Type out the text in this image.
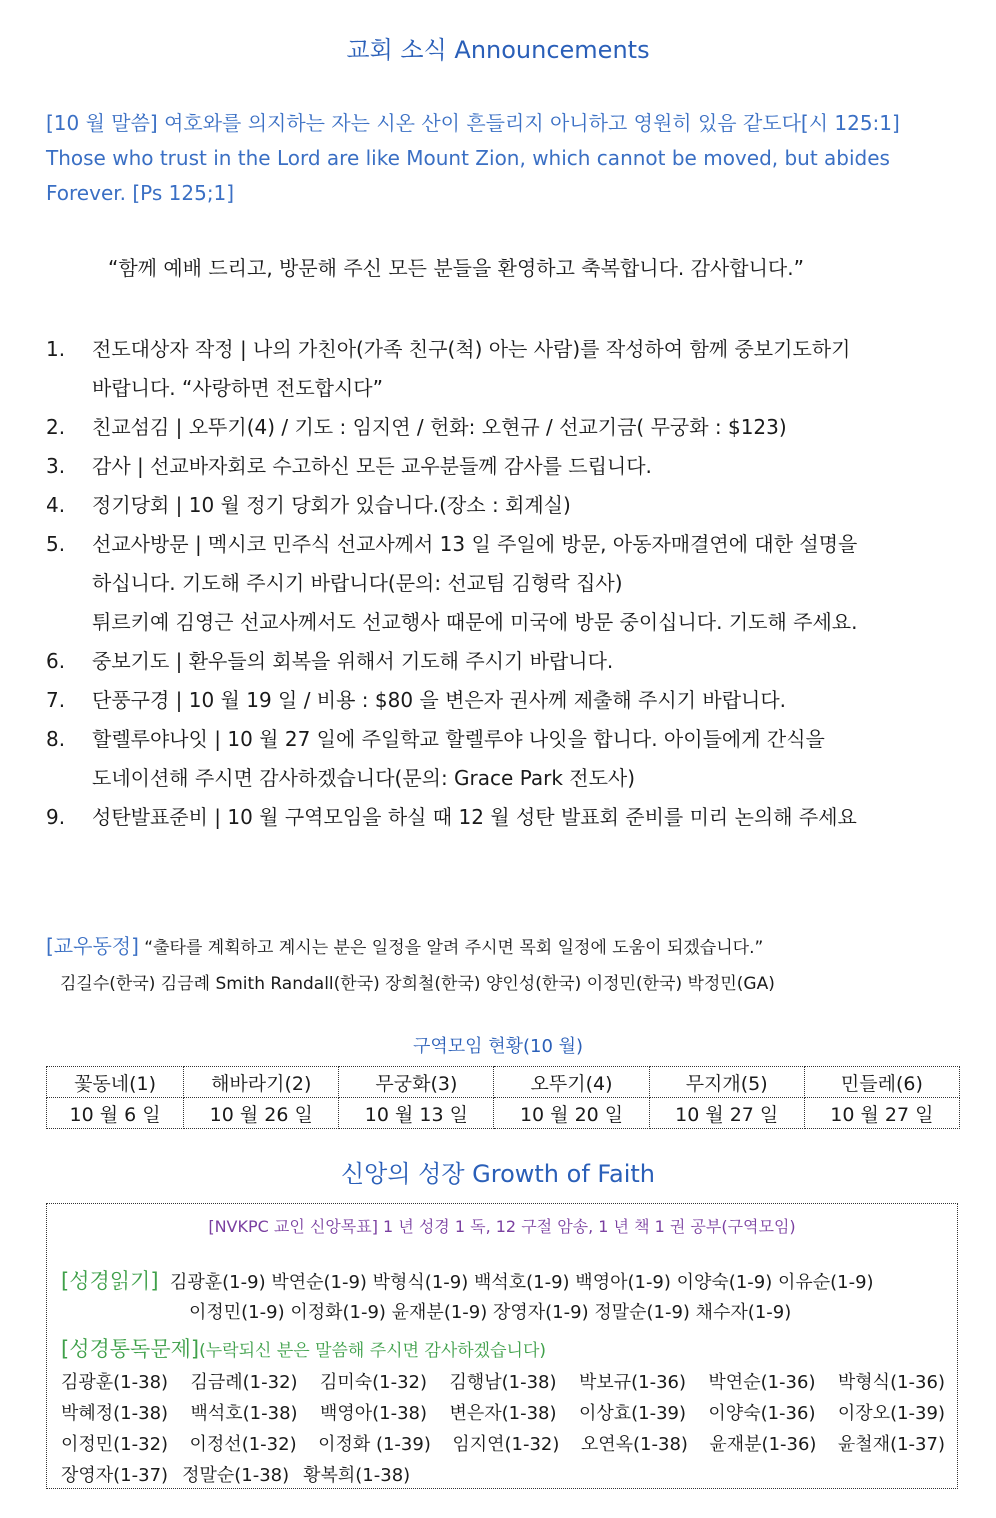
교회 소식 Announcements
[10 월 말씀] 여호와를 의지하는 자는 시온 산이 흔들리지 아니하고 영원히 있음 같도다[시 125:1]
Those who trust in the Lord are like Mount Zion, which cannot be moved, but abides
Forever. [Ps 125;1]
“함께 예배 드리고, 방문해 주신 모든 분들을 환영하고 축복합니다. 감사합니다.”
1. 전도대상자 작정 | 나의 가친아(가족 친구(척) 아는 사람)를 작성하여 함께 중보기도하기
바랍니다. “사랑하면 전도합시다”
2. 친교섬김 | 오뚜기(4) / 기도 : 임지연 / 헌화: 오현규 / 선교기금( 무궁화 : $123)
3. 감사 | 선교바자회로 수고하신 모든 교우분들께 감사를 드립니다.
4. 정기당회 | 10 월 정기 당회가 있습니다.(장소 : 회계실)
5. 선교사방문 | 멕시코 민주식 선교사께서 13 일 주일에 방문, 아동자매결연에 대한 설명을
하십니다. 기도해 주시기 바랍니다(문의: 선교팀 김형락 집사)
튀르키예 김영근 선교사께서도 선교행사 때문에 미국에 방문 중이십니다. 기도해 주세요.
6. 중보기도 | 환우들의 회복을 위해서 기도해 주시기 바랍니다.
7. 단풍구경 | 10 월 19 일 / 비용 : $80 을 변은자 권사께 제출해 주시기 바랍니다.
8. 할렐루야나잇 | 10 월 27 일에 주일학교 할렐루야 나잇을 합니다. 아이들에게 간식을
도네이션해 주시면 감사하겠습니다(문의: Grace Park 전도사)
9. 성탄발표준비 | 10 월 구역모임을 하실 때 12 월 성탄 발표회 준비를 미리 논의해 주세요
[교우동정] “출타를 계획하고 계시는 분은 일정을 알려 주시면 목회 일정에 도움이 되겠습니다.”
김길수(한국) 김금례 Smith Randall(한국) 장희철(한국) 양인성(한국) 이정민(한국) 박정민(GA)
구역모임 현황(10 월)
꽃동네(1)	해바라기(2)	무궁화(3)	오뚜기(4)	무지개(5)	민들레(6)
10 월 6 일	10 월 26 일	10 월 13 일	10 월 20 일	10 월 27 일	10 월 27 일
신앙의 성장 Growth of Faith
[NVKPC 교인 신앙목표] 1 년 성경 1 독, 12 구절 암송, 1 년 책 1 권 공부(구역모임)
[성경읽기] 김광훈(1-9) 박연순(1-9) 박형식(1-9) 백석호(1-9) 백영아(1-9) 이양숙(1-9) 이유순(1-9)
이정민(1-9) 이정화(1-9) 윤재분(1-9) 장영자(1-9) 정말순(1-9) 채수자(1-9)
[성경통독문제](누락되신 분은 말씀해 주시면 감사하겠습니다)
김광훈(1-38) 김금례(1-32) 김미숙(1-32) 김행남(1-38) 박보규(1-36) 박연순(1-36) 박형식(1-36)
박혜정(1-38) 백석호(1-38) 백영아(1-38) 변은자(1-38) 이상효(1-39) 이양숙(1-36) 이장오(1-39)
이정민(1-32) 이정선(1-32) 이정화 (1-39) 임지연(1-32) 오연옥(1-38) 윤재분(1-36) 윤철재(1-37)
장영자(1-37) 정말순(1-38) 황복희(1-38)
